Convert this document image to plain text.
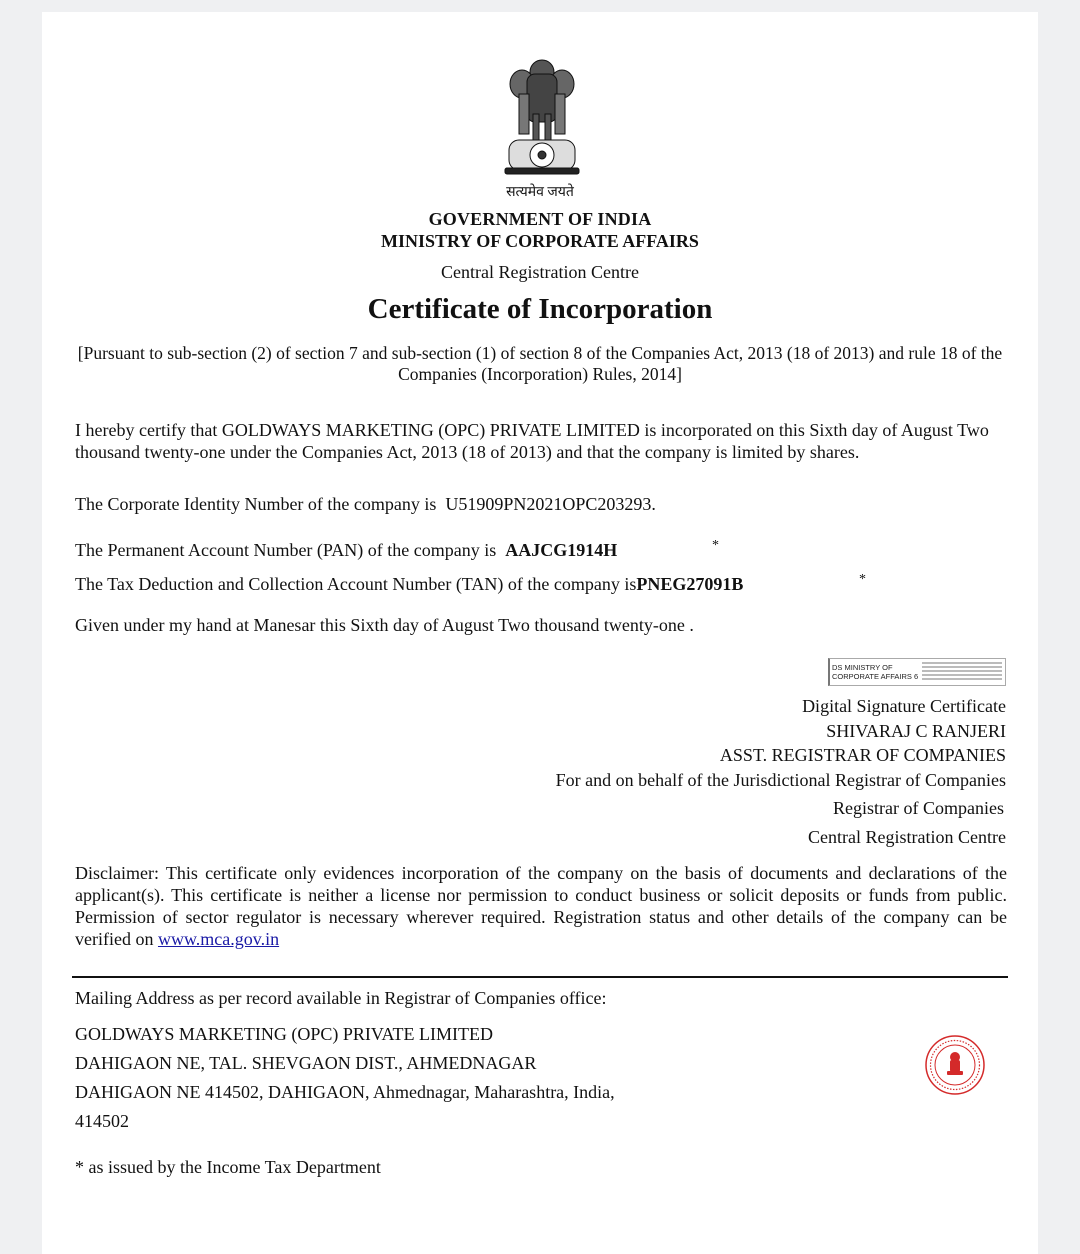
सत्यमेव जयते
GOVERNMENT OF INDIA
MINISTRY OF CORPORATE AFFAIRS
Central Registration Centre
Certificate of Incorporation
[Pursuant to sub-section (2) of section 7 and sub-section (1) of section 8 of the Companies Act, 2013 (18 of 2013) and rule 18 of the Companies (Incorporation) Rules, 2014]
I hereby certify that GOLDWAYS MARKETING (OPC) PRIVATE LIMITED is incorporated on this Sixth day of August Two thousand twenty-one under the Companies Act, 2013 (18 of 2013) and that the company is limited by shares.
The Corporate Identity Number of the company is U51909PN2021OPC203293.
The Permanent Account Number (PAN) of the company is AAJCG1914H	*
The Tax Deduction and Collection Account Number (TAN) of the company isPNEG27091B	*
Given under my hand at Manesar this Sixth day of August Two thousand twenty-one .
DS MINISTRY OF
CORPORATE AFFAIRS 6
Digital Signature Certificate
SHIVARAJ C RANJERI
ASST. REGISTRAR OF COMPANIES
For and on behalf of the Jurisdictional Registrar of Companies
Registrar of Companies
Central Registration Centre
Disclaimer: This certificate only evidences incorporation of the company on the basis of documents and declarations of the applicant(s). This certificate is neither a license nor permission to conduct business or solicit deposits or funds from public. Permission of sector regulator is necessary wherever required. Registration status and other details of the company can be verified on www.mca.gov.in
Mailing Address as per record available in Registrar of Companies office:
GOLDWAYS MARKETING (OPC) PRIVATE LIMITED
DAHIGAON NE, TAL. SHEVGAON DIST., AHMEDNAGAR
DAHIGAON NE 414502, DAHIGAON, Ahmednagar, Maharashtra, India,
414502
* as issued by the Income Tax Department
